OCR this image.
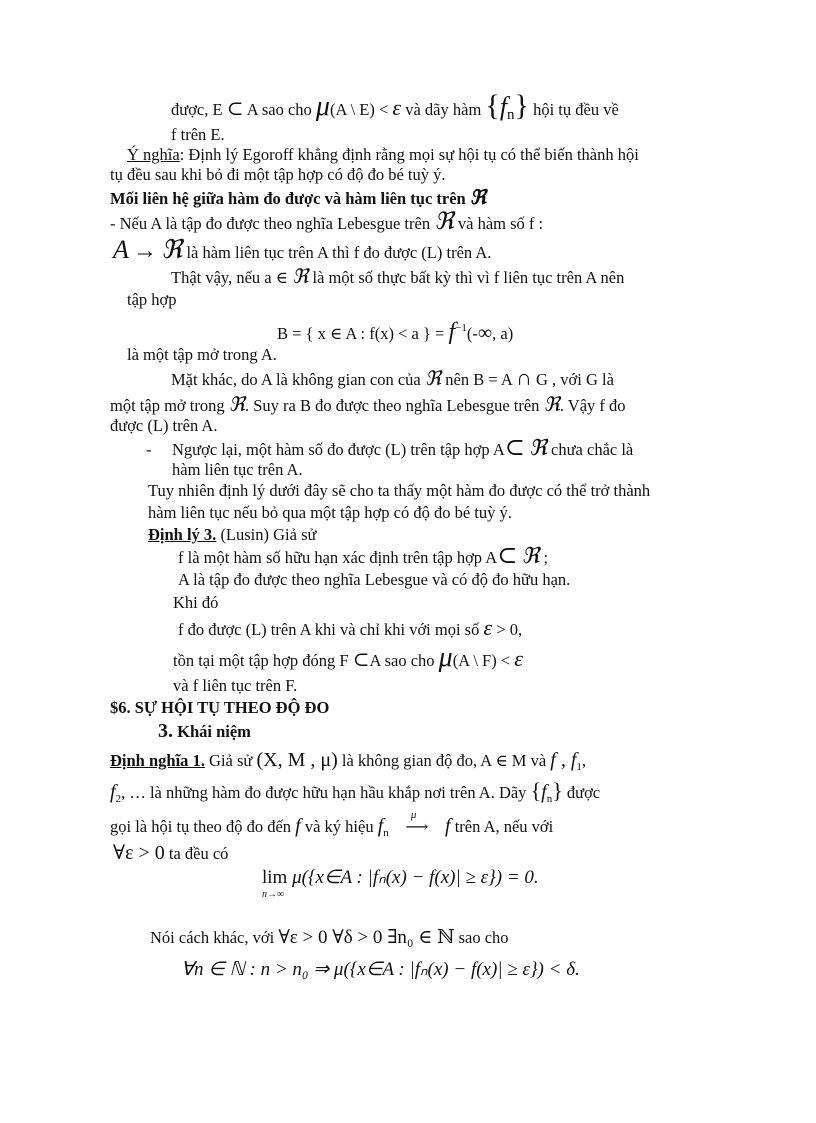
được, E ⊂ A sao cho μ(A \ E) < ε và dãy hàm {fn} hội tụ đều về
f trên E.
Ý nghĩa: Định lý Egoroff khẳng định rằng mọi sự hội tụ có thể biến thành hội
tụ đều sau khi bỏ đi một tập hợp có độ đo bé tuỳ ý.
Mối liên hệ giữa hàm đo được và hàm liên tục trên ℜ
- Nếu A là tập đo được theo nghĩa Lebesgue trên ℜ và hàm số f :
A → ℜ là hàm liên tục trên A thì f đo được (L) trên A.
Thật vậy, nếu a ∈ ℜ là một số thực bất kỳ thì vì f liên tục trên A nên
tập hợp
B = { x ∈ A : f(x) < a } = $f^{-1}(-\infty$, a)
là một tập mở trong A.
Mặt khác, do A là không gian con của ℜ nên B = A ∩ G , với G là
một tập mở trong ℜ. Suy ra B đo được theo nghĩa Lebesgue trên ℜ. Vậy f đo
được (L) trên A.
- Ngược lại, một hàm số đo được (L) trên tập hợp A⊂ ℜ chưa chắc là
hàm liên tục trên A.
Tuy nhiên định lý dưới đây sẽ cho ta thấy một hàm đo được có thể trở thành
hàm liên tục nếu bỏ qua một tập hợp có độ đo bé tuỳ ý.
Định lý 3. (Lusin) Giả sử
f là một hàm số hữu hạn xác định trên tập hợp A⊂ ℜ ;
A là tập đo được theo nghĩa Lebesgue và có độ đo hữu hạn.
Khi đó
f đo được (L) trên A khi và chỉ khi với mọi số ε > 0,
tồn tại một tập hợp đóng F ⊂A sao cho μ(A \ F) < ε
và f liên tục trên F.
$6. SỰ HỘI TỤ THEO ĐỘ ĐO
3. Khái niệm
Định nghĩa 1. Giả sử (X, M , μ) là không gian độ đo, A ∈ M và f , $f_1$,
$f_2$, … là những hàm đo được hữu hạn hầu khắp nơi trên A. Dãy $\{f_n\}$ được
gọi là hội tụ theo độ đo đến f và ký hiệu $f_n$
μ
⟶ f trên A, nếu với
∀ε > 0 ta đều có
lim
n→∞
μ({x∈A : |fₙ(x) − f(x)| ≥ ε}) = 0.
Nói cách khác, với ∀ε > 0 ∀δ > 0 ∃n₀ ∈ ℕ sao cho
∀n ∈ ℕ : n > n₀ ⇒ μ({x∈A : |fₙ(x) − f(x)| ≥ ε}) < δ.
